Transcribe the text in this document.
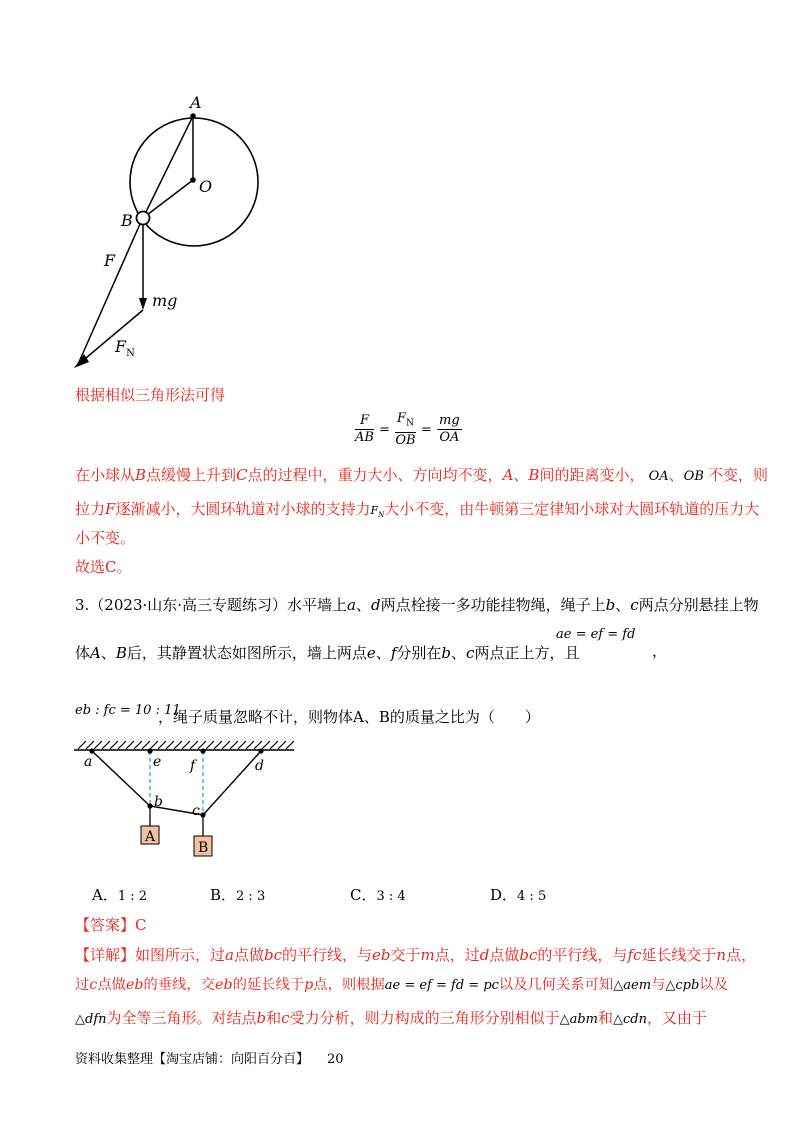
A
O
B
F
mg
$F_N$
根据相似三角形法可得
$\frac{F}{AB} = \frac{F_N}{OB} = \frac{mg}{OA}$
在小球从B点缓慢上升到C点的过程中，重力大小、方向均不变，A、B间的距离变小， OA、OB 不变，则
拉力F逐渐减小，大圆环轨道对小球的支持力$F_N$大小不变，由牛顿第三定律知小球对大圆环轨道的压力大
小不变。
故选C。
3.（2023·山东·高三专题练习）水平墙上a、d两点栓接一多功能挂物绳，绳子上b、c两点分别悬挂上物
ae = ef = fd
，
体A、B后，其静置状态如图所示，墙上两点e、f分别在b、c两点正上方，且
eb : fc = 10 : 11
，绳子质量忽略不计，则物体A、B的质量之比为（　　）
A
B
a	e f	d
b
c
A．1 : 2	B．2 : 3	C．3 : 4	D．4 : 5
【答案】C
【详解】如图所示，过a点做bc的平行线，与eb交于m点，过d点做bc的平行线，与fc延长线交于n点，
过c点做eb的垂线，交eb的延长线于p点，则根据ae = ef = fd = pc以及几何关系可知△aem与△cpb以及
△dfn为全等三角形。对结点b和c受力分析，则力构成的三角形分别相似于△abm和△cdn，又由于
资料收集整理【淘宝店铺：向阳百分百】 20
